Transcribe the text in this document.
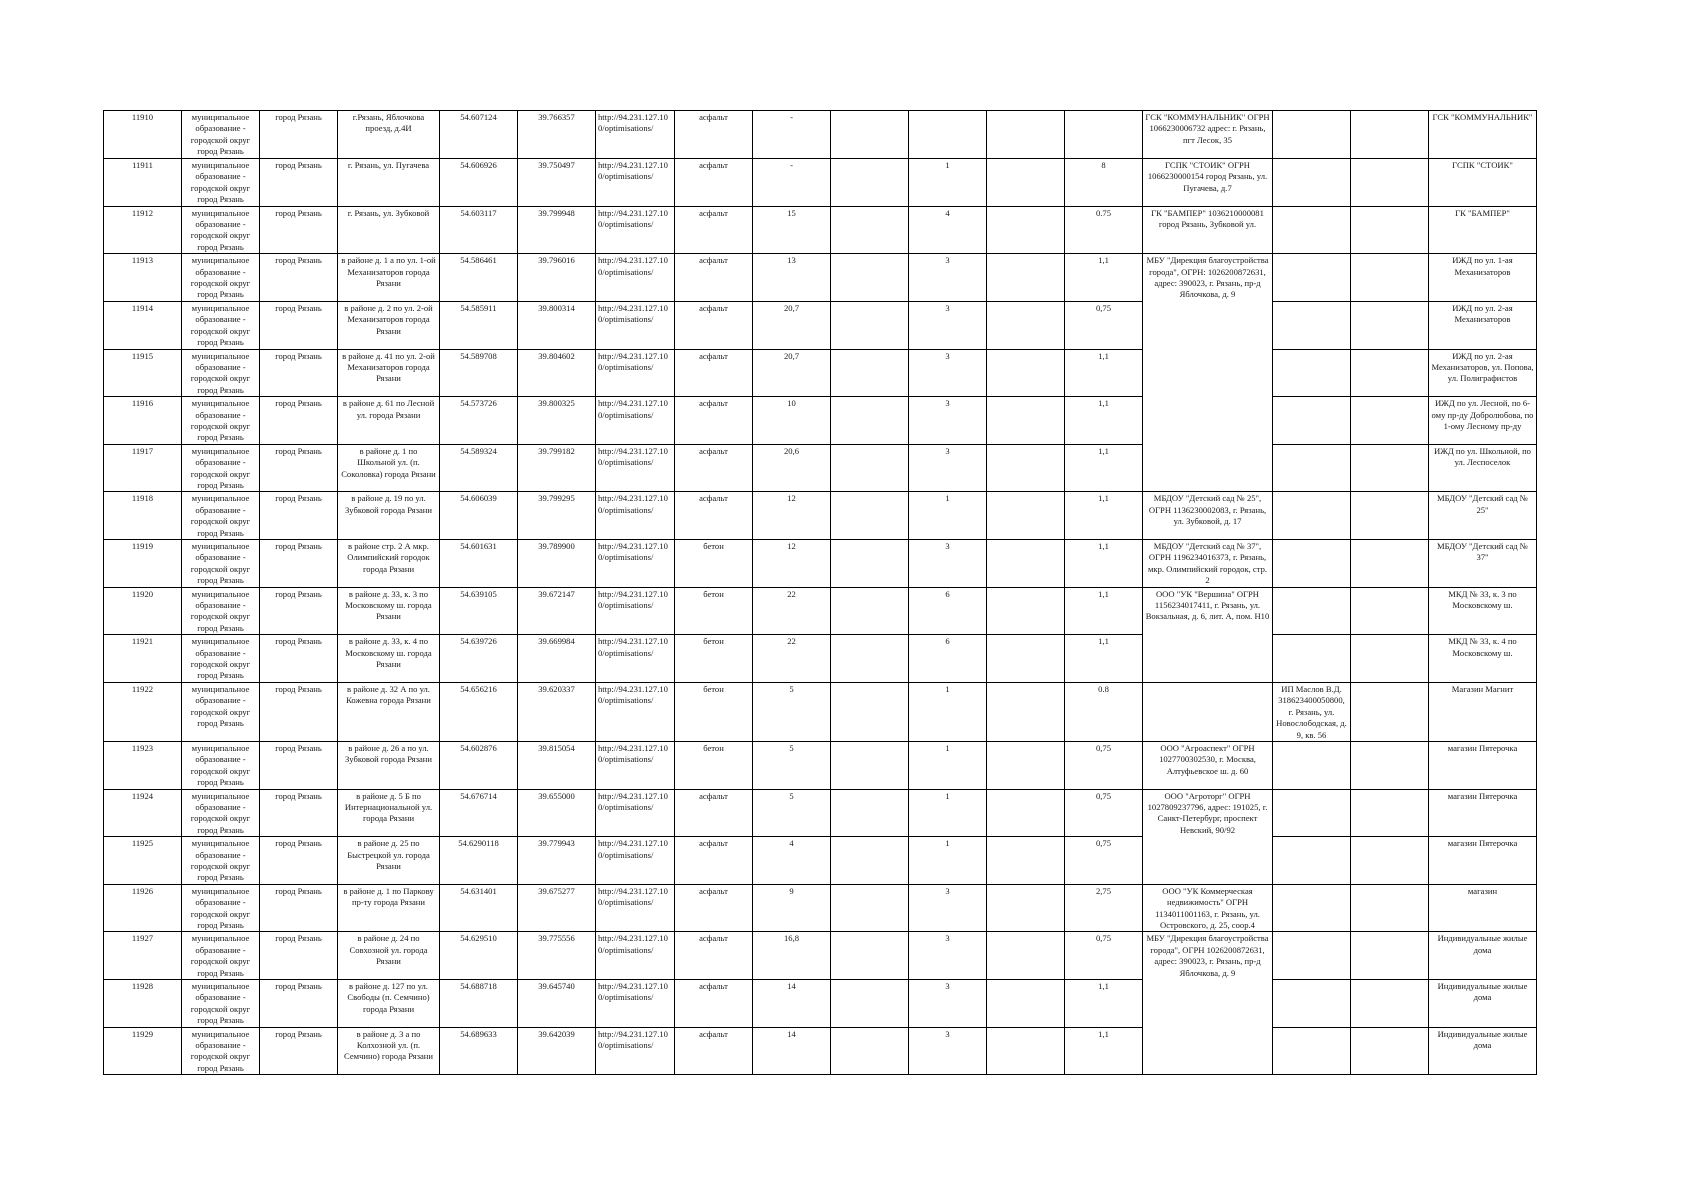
11910	муниципальное образование - городской округ город Рязань	город Рязань	г.Рязань, Яблочкова проезд, д.4И	54.607124	39.766357	http://94.231.127.100/optimisations/	асфальт	-					ГСК "КОММУНАЛЬНИК" ОГРН 1066230006732 адрес: г. Рязань, пгт Лесок, 35			ГСК "КОММУНАЛЬНИК"
11911	муниципальное образование - городской округ город Рязань	город Рязань	г. Рязань, ул. Пугачева	54.606926	39.750497	http://94.231.127.100/optimisations/	асфальт	-		1		8	ГСПК "СТОИК" ОГРН 1066230000154 город Рязань, ул. Пугачева, д.7			ГСПК "СТОИК"
11912	муниципальное образование - городской округ город Рязань	город Рязань	г. Рязань, ул. Зубковой	54.603117	39.799948	http://94.231.127.100/optimisations/	асфальт	15		4		0.75	ГК "БАМПЕР" 1036210000081 город Рязань, Зубковой ул.			ГК "БАМПЕР"
11913	муниципальное образование - городской округ город Рязань	город Рязань	в районе д. 1 а по ул. 1-ой Механизаторов города Рязани	54.586461	39.796016	http://94.231.127.100/optimisations/	асфальт	13		3		1,1	МБУ "Дирекция благоустройства города", ОГРН: 1026200872631, адрес: 390023, г. Рязань, пр-д Яблочкова, д. 9			ИЖД по ул. 1-ая Механизаторов
11914	муниципальное образование - городской округ город Рязань	город Рязань	в районе д. 2 по ул. 2-ой Механизаторов города Рязани	54.585911	39.800314	http://94.231.127.100/optimisations/	асфальт	20,7		3		0,75				ИЖД по ул. 2-ая Механизаторов
11915	муниципальное образование - городской округ город Рязань	город Рязань	в районе д. 41 по ул. 2-ой Механизаторов города Рязани	54.589708	39.804602	http://94.231.127.100/optimisations/	асфальт	20,7		3		1,1				ИЖД по ул. 2-ая Механизаторов, ул. Попова, ул. Полиграфистов
11916	муниципальное образование - городской округ город Рязань	город Рязань	в районе д. 61 по Лесной ул. города Рязани	54.573726	39.800325	http://94.231.127.100/optimisations/	асфальт	10		3		1,1				ИЖД по ул. Лесной, по 6-ому пр-ду Добролюбова, по 1-ому Лесному пр-ду
11917	муниципальное образование - городской округ город Рязань	город Рязань	в районе д. 1 по Школьной ул. (п. Соколовка) города Рязани	54.589324	39.799182	http://94.231.127.100/optimisations/	асфальт	20,6		3		1,1				ИЖД по ул. Школьной, по ул. Леспоселок
11918	муниципальное образование - городской округ город Рязань	город Рязань	в районе д. 19 по ул. Зубковой города Рязани	54.606039	39.799295	http://94.231.127.100/optimisations/	асфальт	12		1		1,1	МБДОУ "Детский сад № 25", ОГРН 1136230002083, г. Рязань, ул. Зубковой, д. 17			МБДОУ "Детский сад № 25"
11919	муниципальное образование - городской округ город Рязань	город Рязань	в районе стр. 2 А мкр. Олимпийский городок города Рязани	54.601631	39.789900	http://94.231.127.100/optimisations/	бетон	12		3		1,1	МБДОУ "Детский сад № 37", ОГРН 1196234016373, г. Рязань, мкр. Олимпийский городок, стр. 2			МБДОУ "Детский сад № 37"
11920	муниципальное образование - городской округ город Рязань	город Рязань	в районе д. 33, к. 3 по Московскому ш. города Рязани	54.639105	39.672147	http://94.231.127.100/optimisations/	бетон	22		6		1,1	ООО "УК "Вершина" ОГРН 1156234017411, г. Рязань, ул. Вокзальная, д. 6, лит. А, пом. Н10			МКД № 33, к. 3 по Московскому ш.
11921	муниципальное образование - городской округ город Рязань	город Рязань	в районе д. 33, к. 4 по Московскому ш. города Рязани	54.639726	39.669984	http://94.231.127.100/optimisations/	бетон	22		6		1,1				МКД № 33, к. 4 по Московскому ш.
11922	муниципальное образование - городской округ город Рязань	город Рязань	в районе д. 32 А по ул. Кожевна города Рязани	54.656216	39.620337	http://94.231.127.100/optimisations/	бетон	5		1		0.8		ИП Маслов В.Д. 318623400050800, г. Рязань, ул. Новослободская, д. 9, кв. 56		Магазин Магнит
11923	муниципальное образование - городской округ город Рязань	город Рязань	в районе д. 26 а по ул. Зубковой города Рязани	54.602876	39.815054	http://94.231.127.100/optimisations/	бетон	5		1		0,75	ООО "Агроаспект" ОГРН 1027700302530, г. Москва, Алтуфьевское ш. д. 60			магазин Пятерочка
11924	муниципальное образование - городской округ город Рязань	город Рязань	в районе д. 5 Б по Интернациональной ул. города Рязани	54.676714	39.655000	http://94.231.127.100/optimisations/	асфальт	5		1		0,75	ООО "Агроторг" ОГРН 1027809237796, адрес: 191025, г. Санкт-Петербург, проспект Невский, 90/92			магазин Пятерочка
11925	муниципальное образование - городской округ город Рязань	город Рязань	в районе д. 25 по Быстрецкой ул. города Рязани	54.6290118	39.779943	http://94.231.127.100/optimisations/	асфальт	4		1		0,75				магазин Пятерочка
11926	муниципальное образование - городской округ город Рязань	город Рязань	в районе д. 1 по Паркову пр-ту города Рязани	54.631401	39.675277	http://94.231.127.100/optimisations/	асфальт	9		3		2,75	ООО "УК Коммерческая недвижимость" ОГРН 1134011001163, г. Рязань, ул. Островского, д. 25, соор.4			магазин
11927	муниципальное образование - городской округ город Рязань	город Рязань	в районе д. 24 по Совхозной ул. города Рязани	54.629510	39.775556	http://94.231.127.100/optimisations/	асфальт	16,8		3		0,75	МБУ "Дирекция благоустройства города", ОГРН 1026200872631, адрес: 390023, г. Рязань, пр-д Яблочкова, д. 9			Индивидуальные жилые дома
11928	муниципальное образование - городской округ город Рязань	город Рязань	в районе д. 127 по ул. Свободы (п. Семчино) города Рязани	54.688718	39.645740	http://94.231.127.100/optimisations/	асфальт	14		3		1,1				Индивидуальные жилые дома
11929	муниципальное образование - городской округ город Рязань	город Рязань	в районе д. 3 а по Колхозной ул. (п. Семчино) города Рязани	54.689633	39.642039	http://94.231.127.100/optimisations/	асфальт	14		3		1,1				Индивидуальные жилые дома
